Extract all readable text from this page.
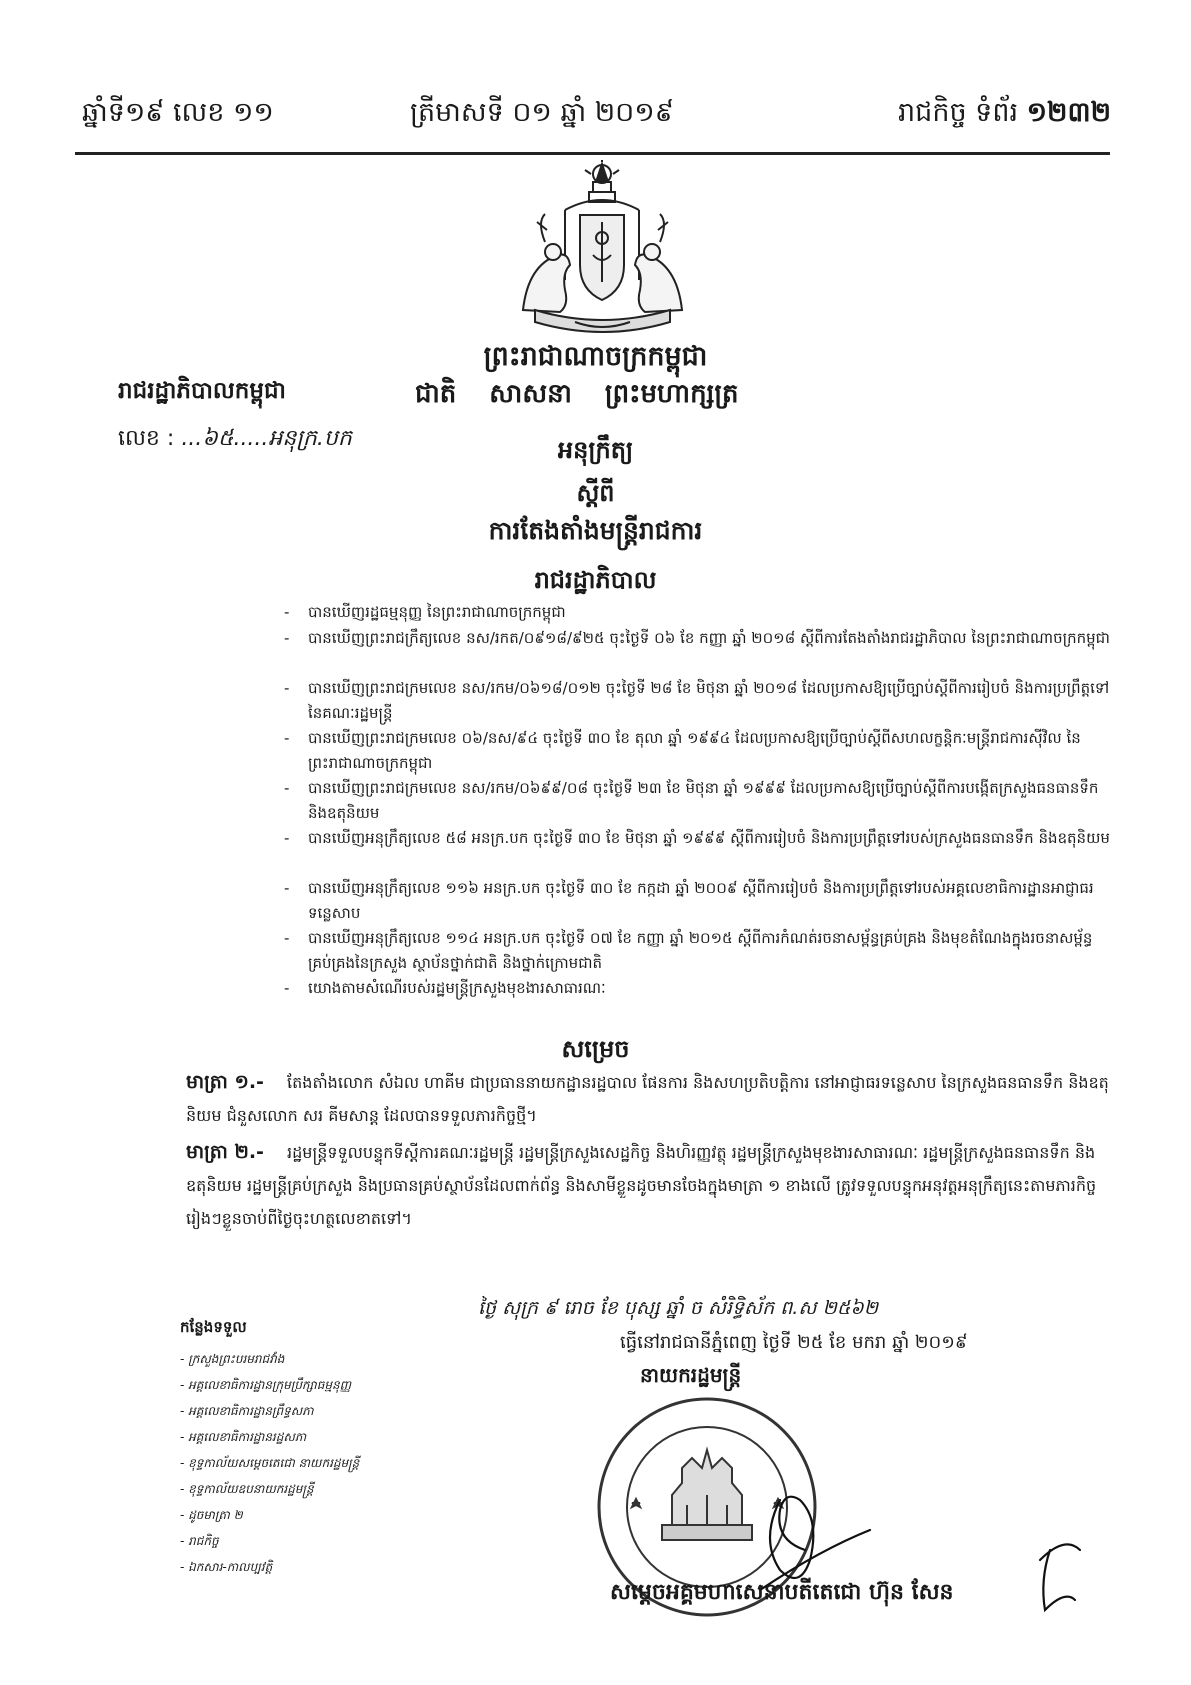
ឆ្នាំទី១៩ លេខ ១១	ត្រីមាសទី ០១ ឆ្នាំ ២០១៩	រាជកិច្ច ទំព័រ ១២៣២
ព្រះរាជាណាចក្រកម្ពុជា
រាជរដ្ឋាភិបាលកម្ពុជា	ជាតិ សាសនា ព្រះមហាក្សត្រ
លេខ : ...៦៥.....អនុក្រ.បក	អនុក្រឹត្យ
ស្តីពី
ការតែងតាំងមន្ត្រីរាជការ
រាជរដ្ឋាភិបាល
- បានឃើញរដ្ឋធម្មនុញ្ញ នៃព្រះរាជាណាចក្រកម្ពុជា
- បានឃើញព្រះរាជក្រឹត្យលេខ នស/រកត/០៩១៨/៩២៥ ចុះថ្ងៃទី ០៦ ខែ កញ្ញា ឆ្នាំ ២០១៨ ស្តីពីការតែងតាំងរាជរដ្ឋាភិបាល នៃព្រះរាជាណាចក្រកម្ពុជា
- បានឃើញព្រះរាជក្រមលេខ នស/រកម/០៦១៨/០១២ ចុះថ្ងៃទី ២៨ ខែ មិថុនា ឆ្នាំ ២០១៨ ដែលប្រកាសឱ្យប្រើច្បាប់ស្តីពីការរៀបចំ និងការប្រព្រឹត្តទៅ នៃគណៈរដ្ឋមន្ត្រី
- បានឃើញព្រះរាជក្រមលេខ ០៦/នស/៩៤ ចុះថ្ងៃទី ៣០ ខែ តុលា ឆ្នាំ ១៩៩៤ ដែលប្រកាសឱ្យប្រើច្បាប់ស្តីពីសហលក្ខន្តិកៈមន្ត្រីរាជការស៊ីវិល នៃព្រះរាជាណាចក្រកម្ពុជា
- បានឃើញព្រះរាជក្រមលេខ នស/រកម/០៦៩៩/០៨ ចុះថ្ងៃទី ២៣ ខែ មិថុនា ឆ្នាំ ១៩៩៩ ដែលប្រកាសឱ្យប្រើច្បាប់ស្តីពីការបង្កើតក្រសួងធនធានទឹក និងឧតុនិយម
- បានឃើញអនុក្រឹត្យលេខ ៥៨ អនក្រ.បក ចុះថ្ងៃទី ៣០ ខែ មិថុនា ឆ្នាំ ១៩៩៩ ស្តីពីការរៀបចំ និងការប្រព្រឹត្តទៅរបស់ក្រសួងធនធានទឹក និងឧតុនិយម
- បានឃើញអនុក្រឹត្យលេខ ១១៦ អនក្រ.បក ចុះថ្ងៃទី ៣០ ខែ កក្កដា ឆ្នាំ ២០០៩ ស្តីពីការរៀបចំ និងការប្រព្រឹត្តទៅរបស់អគ្គលេខាធិការដ្ឋានអាជ្ញាធរទន្លេសាប
- បានឃើញអនុក្រឹត្យលេខ ១១៤ អនក្រ.បក ចុះថ្ងៃទី ០៧ ខែ កញ្ញា ឆ្នាំ ២០១៥ ស្តីពីការកំណត់រចនាសម្ព័ន្ធគ្រប់គ្រង និងមុខតំណែងក្នុងរចនាសម្ព័ន្ធគ្រប់គ្រងនៃក្រសួង ស្ថាប័នថ្នាក់ជាតិ និងថ្នាក់ក្រោមជាតិ
- យោងតាមសំណើរបស់រដ្ឋមន្ត្រីក្រសួងមុខងារសាធារណៈ
សម្រេច
មាត្រា ១.- តែងតាំងលោក សំឯល ហាគីម ជាប្រធាននាយកដ្ឋានរដ្ឋបាល ផែនការ និងសហប្រតិបត្តិការ នៅអាជ្ញាធរទន្លេសាប នៃក្រសួងធនធានទឹក និងឧតុនិយម ជំនួសលោក សរ គីមសាន្ត ដែលបានទទួលភារកិច្ចថ្មី។
មាត្រា ២.- រដ្ឋមន្ត្រីទទួលបន្ទុកទីស្តីការគណៈរដ្ឋមន្ត្រី រដ្ឋមន្ត្រីក្រសួងសេដ្ឋកិច្ច និងហិរញ្ញវត្ថុ រដ្ឋមន្ត្រីក្រសួងមុខងារសាធារណៈ រដ្ឋមន្ត្រីក្រសួងធនធានទឹក និងឧតុនិយម រដ្ឋមន្ត្រីគ្រប់ក្រសួង និងប្រធានគ្រប់ស្ថាប័នដែលពាក់ព័ន្ធ និងសាមីខ្លួនដូចមានចែងក្នុងមាត្រា ១ ខាងលើ ត្រូវទទួលបន្ទុកអនុវត្តអនុក្រឹត្យនេះតាមភារកិច្ចរៀងៗខ្លួនចាប់ពីថ្ងៃចុះហត្ថលេខាតទៅ។
ថ្ងៃ សុក្រ ៩ រោច ខែ បុស្ស ឆ្នាំ ច សំរិទ្ធិស័ក ព.ស ២៥៦២
ធ្វើនៅរាជធានីភ្នំពេញ ថ្ងៃទី ២៥ ខែ មករា ឆ្នាំ ២០១៩
នាយករដ្ឋមន្ត្រី
កន្លែងទទួល
- ក្រសួងព្រះបរមរាជវាំង
- អគ្គលេខាធិការដ្ឋានក្រុមប្រឹក្សាធម្មនុញ្ញ
- អគ្គលេខាធិការដ្ឋានព្រឹទ្ធសភា
- អគ្គលេខាធិការដ្ឋានរដ្ឋសភា
- ខុទ្ទកាល័យសម្តេចតេជោ នាយករដ្ឋមន្ត្រី
- ខុទ្ទកាល័យឧបនាយករដ្ឋមន្ត្រី
- ដូចមាត្រា ២
- រាជកិច្ច
- ឯកសារ-កាលប្បវត្តិ
សម្តេចអគ្គមហាសេនាបតីតេជោ ហ៊ុន សែន
